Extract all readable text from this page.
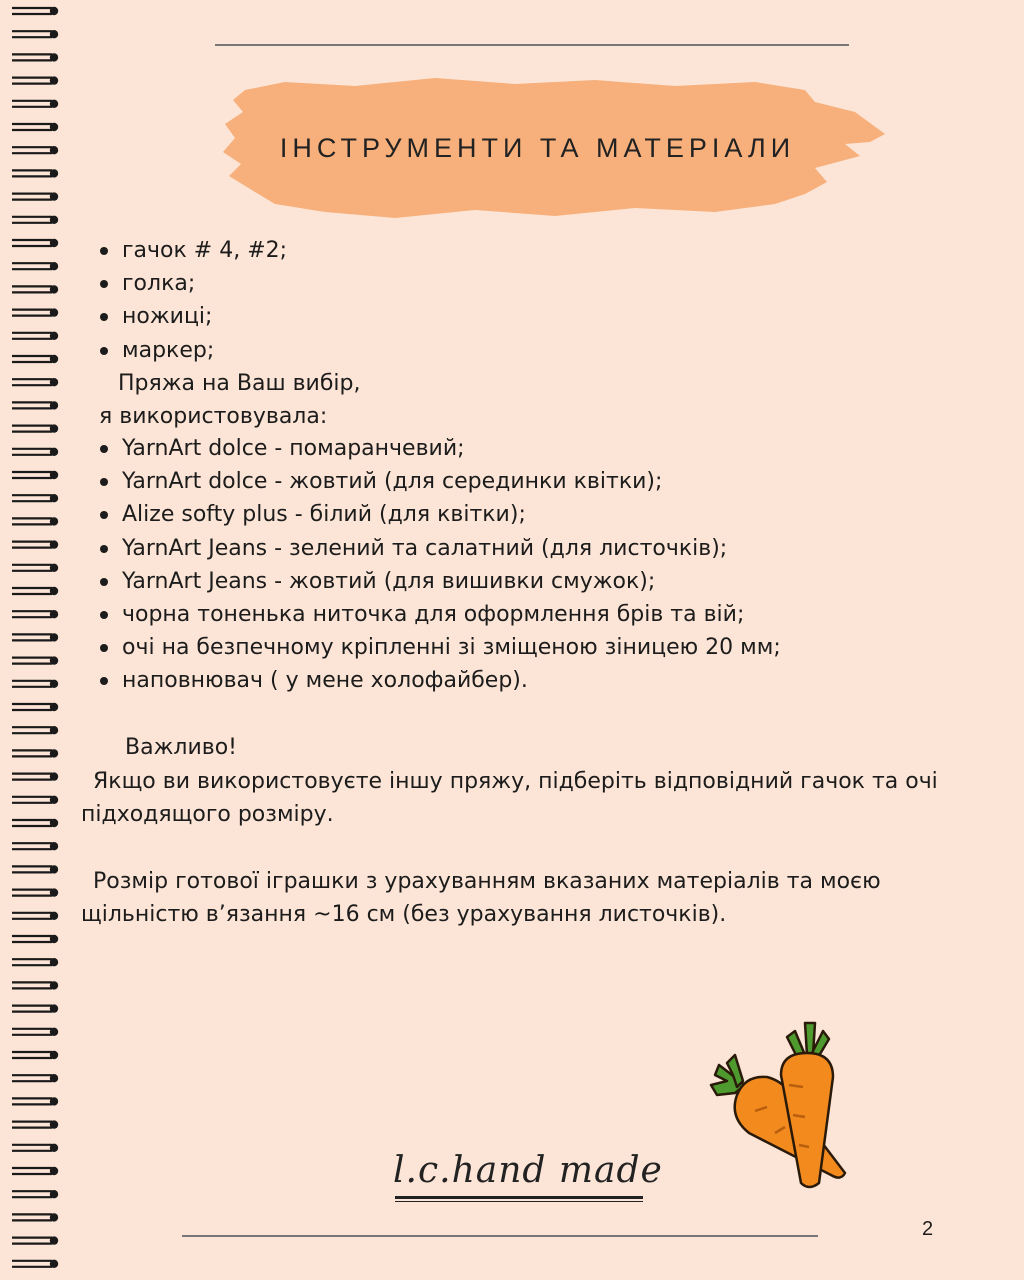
ІНСТРУМЕНТИ ТА МАТЕРІАЛИ
гачок # 4, #2;
голка;
ножиці;
маркер;
Пряжа на Ваш вибір,
я використовувала:
YarnArt dolce - помаранчевий;
YarnArt dolce - жовтий (для серединки квітки);
Alize softy plus - білий (для квітки);
YarnArt Jeans - зелений та салатний (для листочків);
YarnArt Jeans - жовтий (для вишивки смужок);
чорна тоненька ниточка для оформлення брів та вій;
очі на безпечному кріпленні зі зміщеною зіницею 20 мм;
наповнювач ( у мене холофайбер).
Важливо!

Якщо ви використовуєте іншу пряжу, підберіть відповідний гачок та очі підходящого розміру.

Розмір готової іграшки з урахуванням вказаних матеріалів та моєю щільністю в’язання ~16 см (без урахування листочків).

l.c.hand made
2
